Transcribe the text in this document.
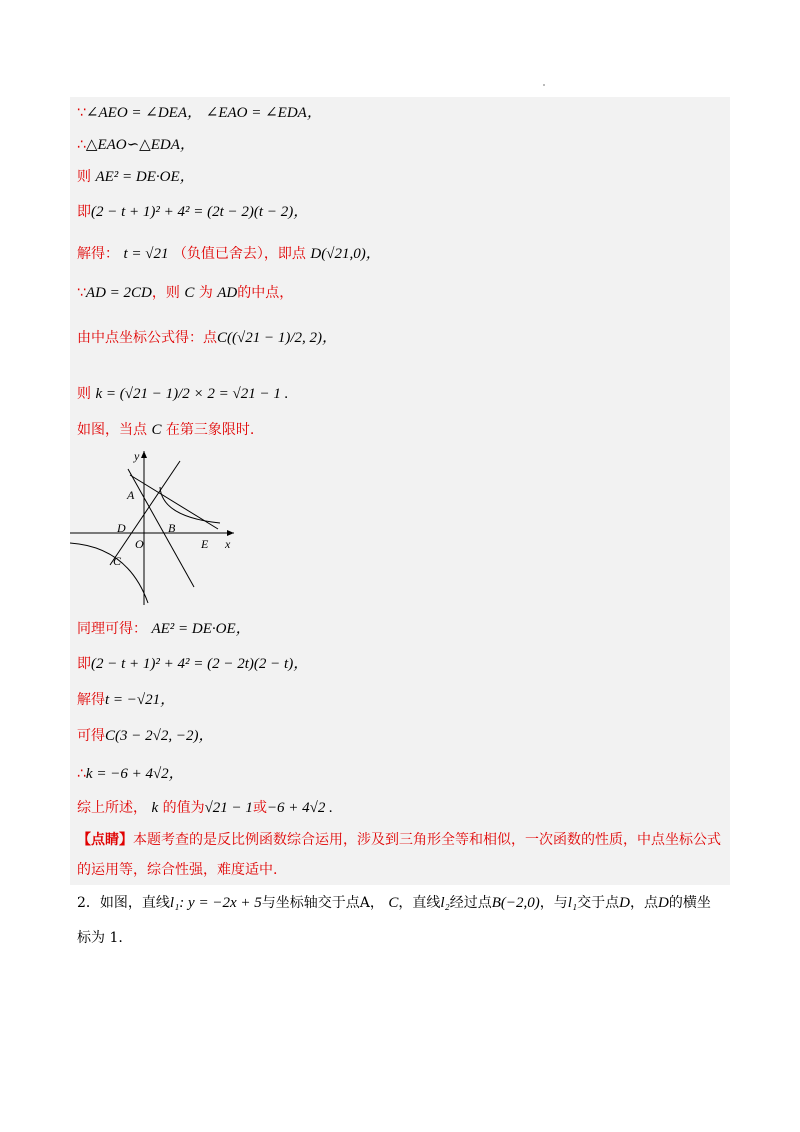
∵∠AEO = ∠DEA， ∠EAO = ∠EDA，
∴△EAO∽△EDA，
则 AE² = DE·OE，
即(2 − t + 1)² + 4² = (2t − 2)(t − 2)，
解得： t = √21 （负值已舍去），即点 D(√21,0)，
∵AD = 2CD，则 C 为 AD的中点，
由中点坐标公式得：点C((√21 − 1)/2, 2)，
则 k = (√21 − 1)/2 × 2 = √21 − 1 .
如图，当点 C 在第三象限时.
y
x
A
B
D
O	E
C
同理可得： AE² = DE·OE，
即(2 − t + 1)² + 4² = (2 − 2t)(2 − t)，
解得t = −√21，
可得C(3 − 2√2, −2)，
∴k = −6 + 4√2，
综上所述， k 的值为√21 − 1或−6 + 4√2 .
【点睛】本题考查的是反比例函数综合运用，涉及到三角形全等和相似，一次函数的性质，中点坐标公式
的运用等，综合性强，难度适中.
2．如图，直线l₁: y = −2x + 5与坐标轴交于点A， C，直线l₂经过点B(−2,0)，与l₁交于点D，点D的横坐
标为 1.
